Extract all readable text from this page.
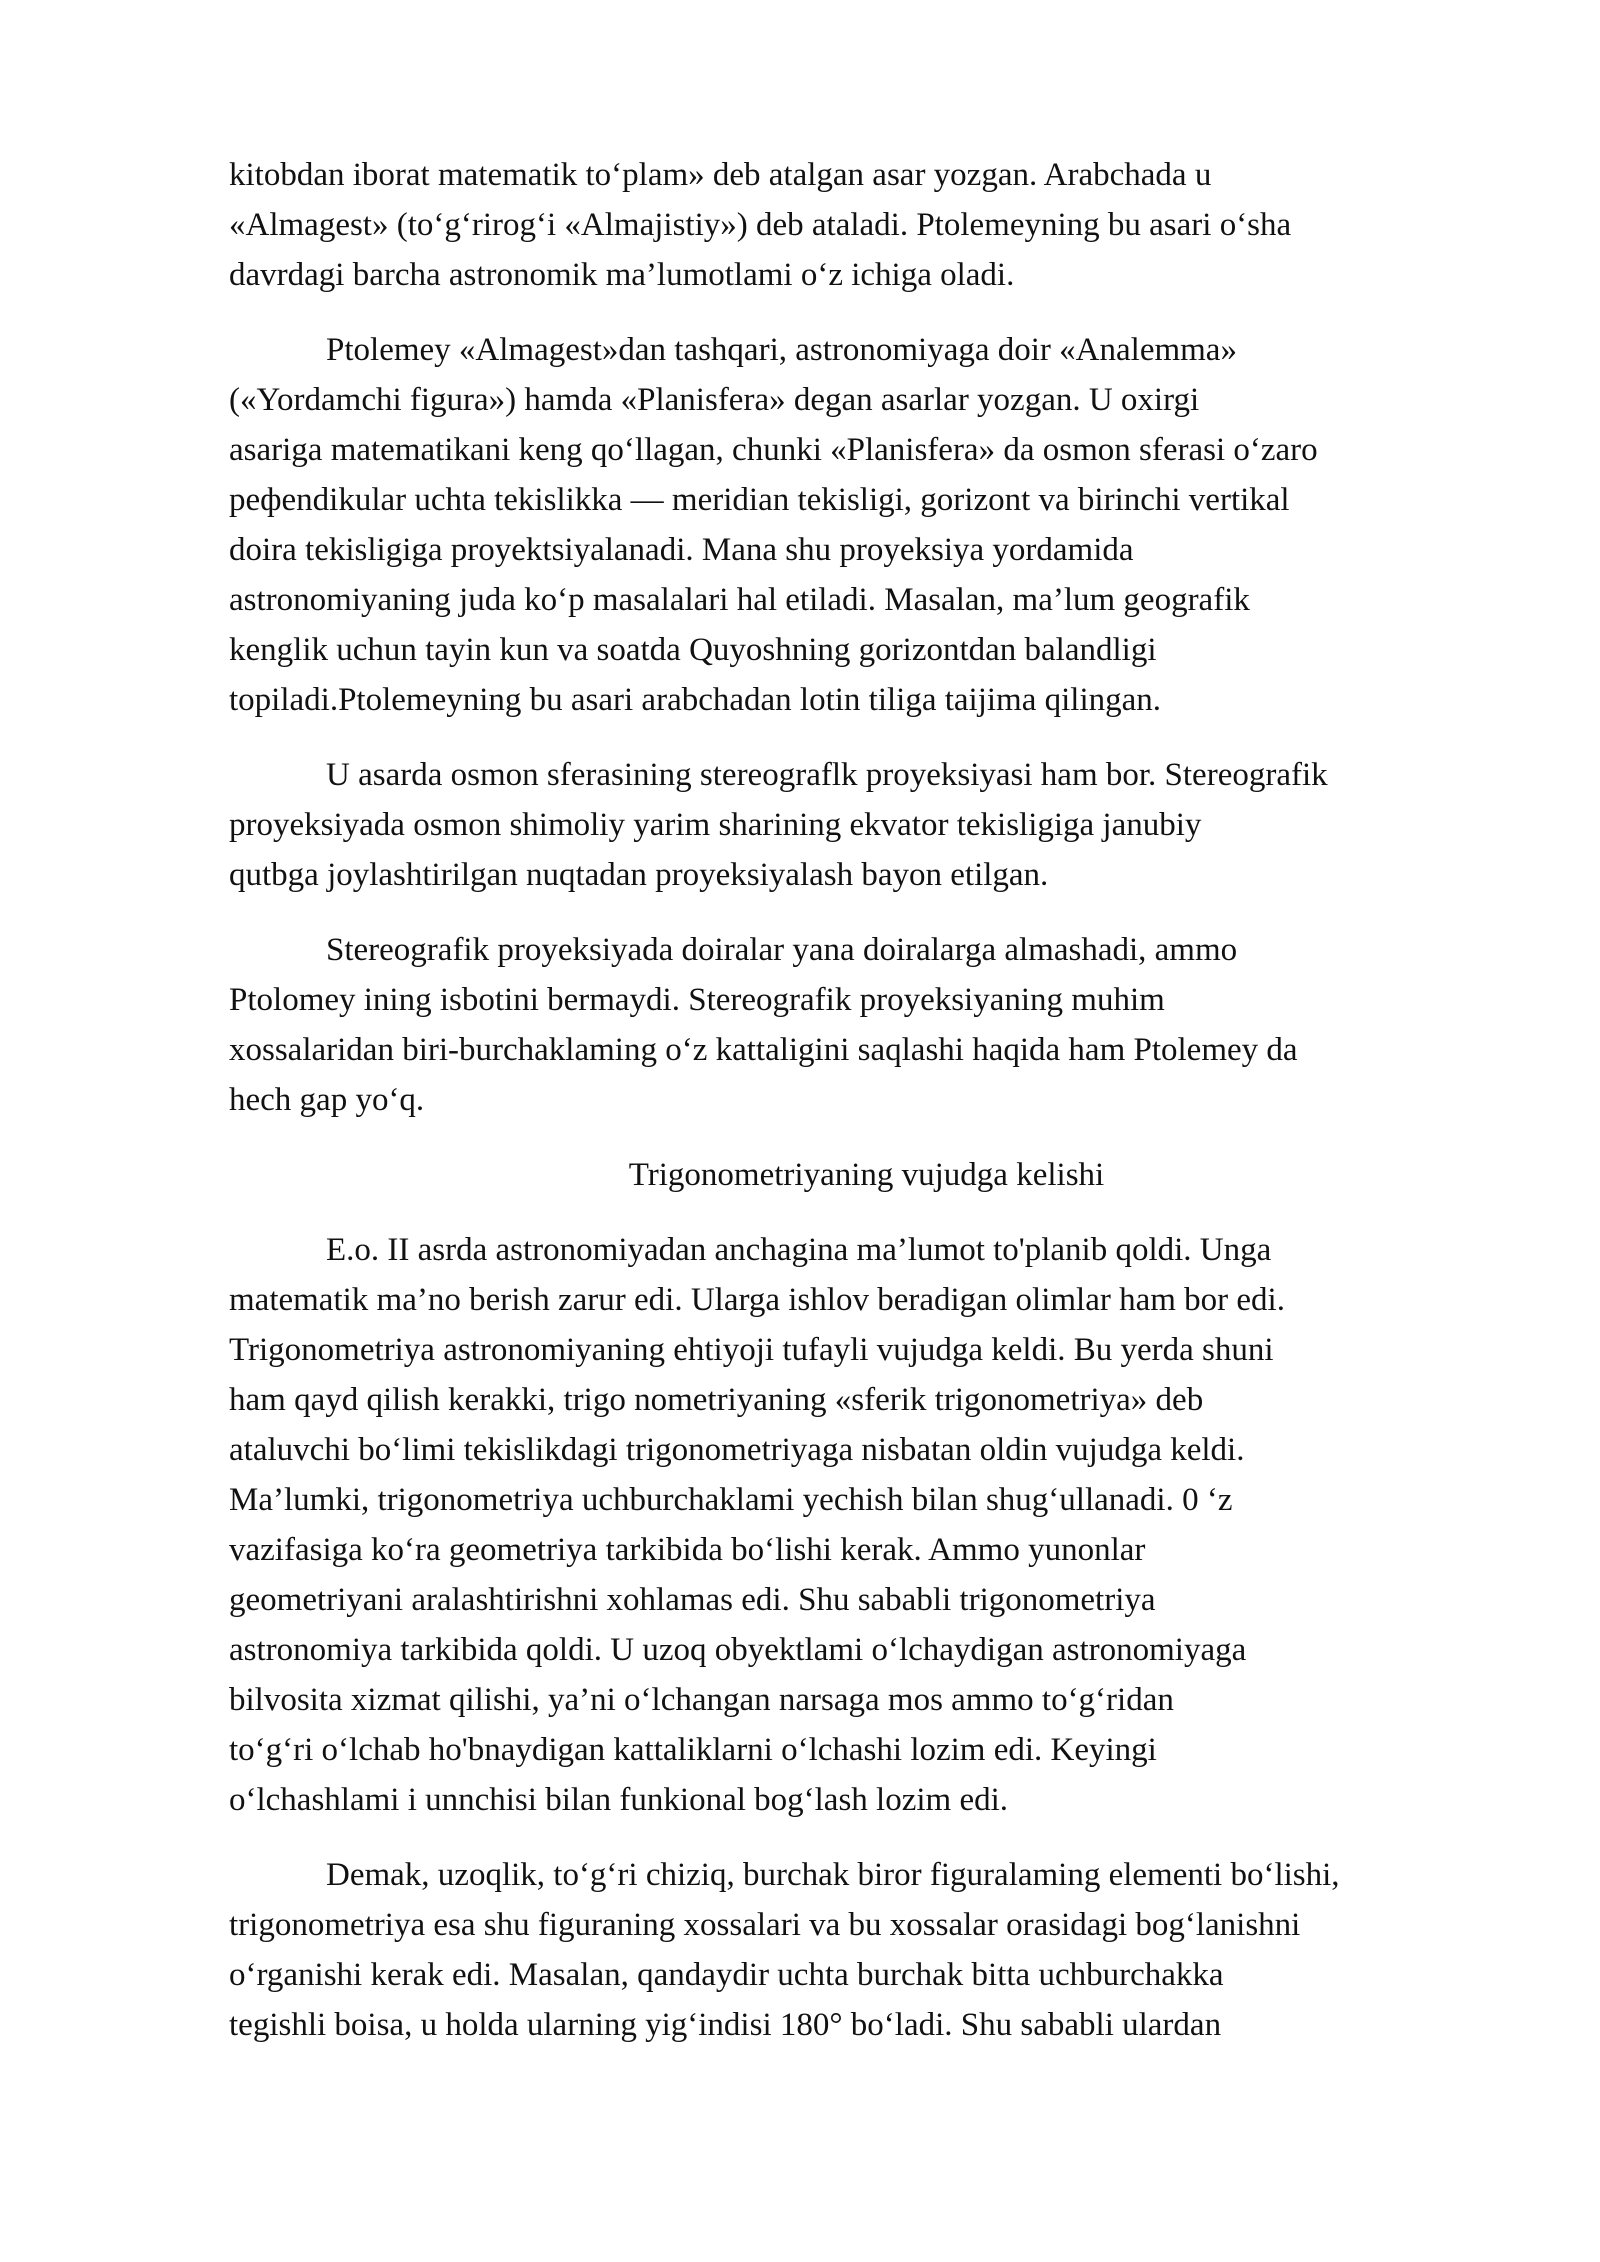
kitobdan iborat matematik to‘plam» deb atalgan asar yozgan. Arabchada u
«Almagest» (to‘g‘rirog‘i «Almajistiy») deb ataladi. Ptolemeyning bu asari o‘sha
davrdagi barcha astronomik ma’lumotlami o‘z ichiga oladi.

Ptolemey «Almagest»dan tashqari, astronomiyaga doir «Analemma»
(«Yordamchi figura») hamda «Planisfera» degan asarlar yozgan. U oxirgi
asariga matematikani keng qo‘llagan, chunki «Planisfera» da osmon sferasi o‘zaro
peфendikular uchta tekislikka — meridian tekisligi, gorizont va birinchi vertikal
doira tekisligiga proyektsiyalanadi. Mana shu proyeksiya yordamida
astronomiyaning juda ko‘p masalalari hal etiladi. Masalan, ma’lum geografik
kenglik uchun tayin kun va soatda Quyoshning gorizontdan balandligi
topiladi.Ptolemeyning bu asari arabchadan lotin tiliga taijima qilingan.

U asarda osmon sferasining stereograflk proyeksiyasi ham bor. Stereografik
proyeksiyada osmon shimoliy yarim sharining ekvator tekisligiga janubiy
qutbga joylashtirilgan nuqtadan proyeksiyalash bayon etilgan.

Stereografik proyeksiyada doiralar yana doiralarga almashadi, ammo
Ptolomey ining isbotini bermaydi. Stereografik proyeksiyaning muhim
xossalaridan biri-burchaklaming o‘z kattaligini saqlashi haqida ham Ptolemey da
hech gap yo‘q.

Trigonometriyaning vujudga kelishi

E.o. II asrda astronomiyadan anchagina ma’lumot to'planib qoldi. Unga
matematik ma’no berish zarur edi. Ularga ishlov beradigan olimlar ham bor edi.
Trigonometriya astronomiyaning ehtiyoji tufayli vujudga keldi. Bu yerda shuni
ham qayd qilish kerakki, trigo nometriyaning «sferik trigonometriya» deb
ataluvchi bo‘limi tekislikdagi trigonometriyaga nisbatan oldin vujudga keldi.
Ma’lumki, trigonometriya uchburchaklami yechish bilan shug‘ullanadi. 0 ‘z
vazifasiga ko‘ra geometriya tarkibida bo‘lishi kerak. Ammo yunonlar
geometriyani aralashtirishni xohlamas edi. Shu sababli trigonometriya
astronomiya tarkibida qoldi. U uzoq obyektlami o‘lchaydigan astronomiyaga
bilvosita xizmat qilishi, ya’ni o‘lchangan narsaga mos ammo to‘g‘ridan
to‘g‘ri o‘lchab ho'bnaydigan kattaliklarni o‘lchashi lozim edi. Keyingi
o‘lchashlami i unnchisi bilan funkional bog‘lash lozim edi.

Demak, uzoqlik, to‘g‘ri chiziq, burchak biror figuralaming elementi bo‘lishi,
trigonometriya esa shu figuraning xossalari va bu xossalar orasidagi bog‘lanishni
o‘rganishi kerak edi. Masalan, qandaydir uchta burchak bitta uchburchakka
tegishli boisa, u holda ularning yig‘indisi 180° bo‘ladi. Shu sababli ulardan
